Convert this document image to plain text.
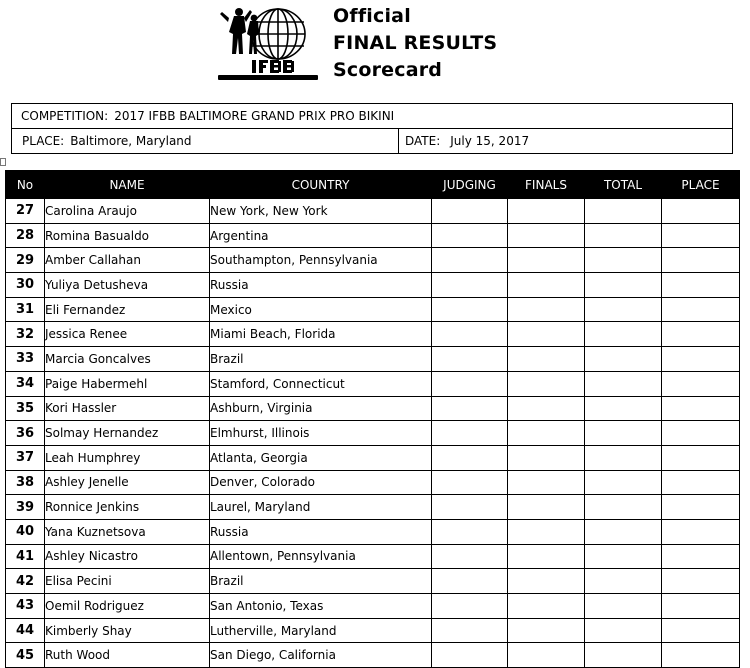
Official
FINAL RESULTS
Scorecard
COMPETITION: 2017 IFBB BALTIMORE GRAND PRIX PRO BIKINI
PLACE: Baltimore, Maryland	DATE: July 15, 2017
No	NAME	COUNTRY	JUDGING	FINALS	TOTAL	PLACE
27	Carolina Araujo	New York, New York				
28	Romina Basualdo	Argentina				
29	Amber Callahan	Southampton, Pennsylvania				
30	Yuliya Detusheva	Russia				
31	Eli Fernandez	Mexico				
32	Jessica Renee	Miami Beach, Florida				
33	Marcia Goncalves	Brazil				
34	Paige Habermehl	Stamford, Connecticut				
35	Kori Hassler	Ashburn, Virginia				
36	Solmay Hernandez	Elmhurst, Illinois				
37	Leah Humphrey	Atlanta, Georgia				
38	Ashley Jenelle	Denver, Colorado				
39	Ronnice Jenkins	Laurel, Maryland				
40	Yana Kuznetsova	Russia				
41	Ashley Nicastro	Allentown, Pennsylvania				
42	Elisa Pecini	Brazil				
43	Oemil Rodriguez	San Antonio, Texas				
44	Kimberly Shay	Lutherville, Maryland				
45	Ruth Wood	San Diego, California				
